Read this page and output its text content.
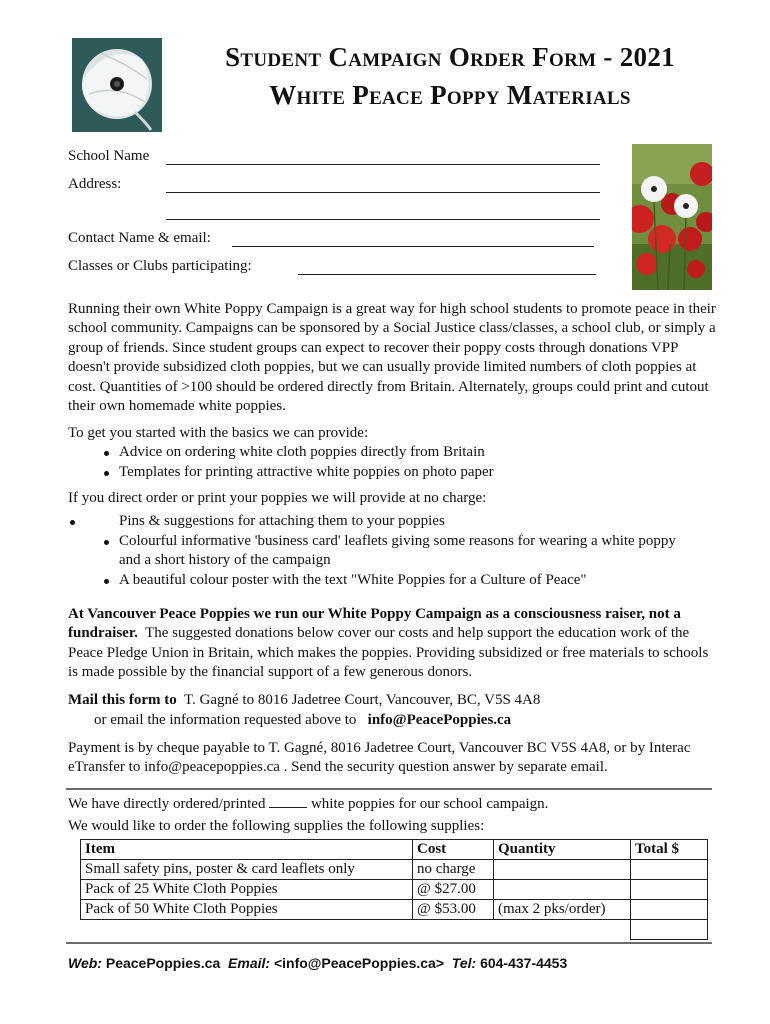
Student Campaign Order Form - 2021
White Peace Poppy Materials
School Name
Address:
Contact Name & email:
Classes or Clubs participating:
Running their own White Poppy Campaign is a great way for high school students to promote peace in their school community. Campaigns can be sponsored by a Social Justice class/classes, a school club, or simply a group of friends. Since student groups can expect to recover their poppy costs through donations VPP doesn't provide subsidized cloth poppies, but we can usually provide limited numbers of cloth poppies at cost. Quantities of >100 should be ordered directly from Britain. Alternately, groups could print and cutout their own homemade white poppies.
To get you started with the basics we can provide:
Advice on ordering white cloth poppies directly from Britain
Templates for printing attractive white poppies on photo paper
If you direct order or print your poppies we will provide at no charge:
Pins & suggestions for attaching them to your poppies
Colourful informative 'business card' leaflets giving some reasons for wearing a white poppy and a short history of the campaign
A beautiful colour poster with the text "White Poppies for a Culture of Peace"
At Vancouver Peace Poppies we run our White Poppy Campaign as a consciousness raiser, not a fundraiser. The suggested donations below cover our costs and help support the education work of the Peace Pledge Union in Britain, which makes the poppies. Providing subsidized or free materials to schools is made possible by the financial support of a few generous donors.
Mail this form to T. Gagné to 8016 Jadetree Court, Vancouver, BC, V5S 4A8
or email the information requested above to info@PeacePoppies.ca
Payment is by cheque payable to T. Gagné, 8016 Jadetree Court, Vancouver BC V5S 4A8, or by Interac eTransfer to info@peacepoppies.ca . Send the security question answer by separate email.
We have directly ordered/printed	white poppies for our school campaign.
We would like to order the following supplies the following supplies:
Item	Cost	Quantity	Total $
Small safety pins, poster & card leaflets only	no charge		
Pack of 25 White Cloth Poppies	@ $27.00		
Pack of 50 White Cloth Poppies	@ $53.00	(max 2 pks/order)	

Web: PeacePoppies.ca Email: <info@PeacePoppies.ca> Tel: 604-437-4453
